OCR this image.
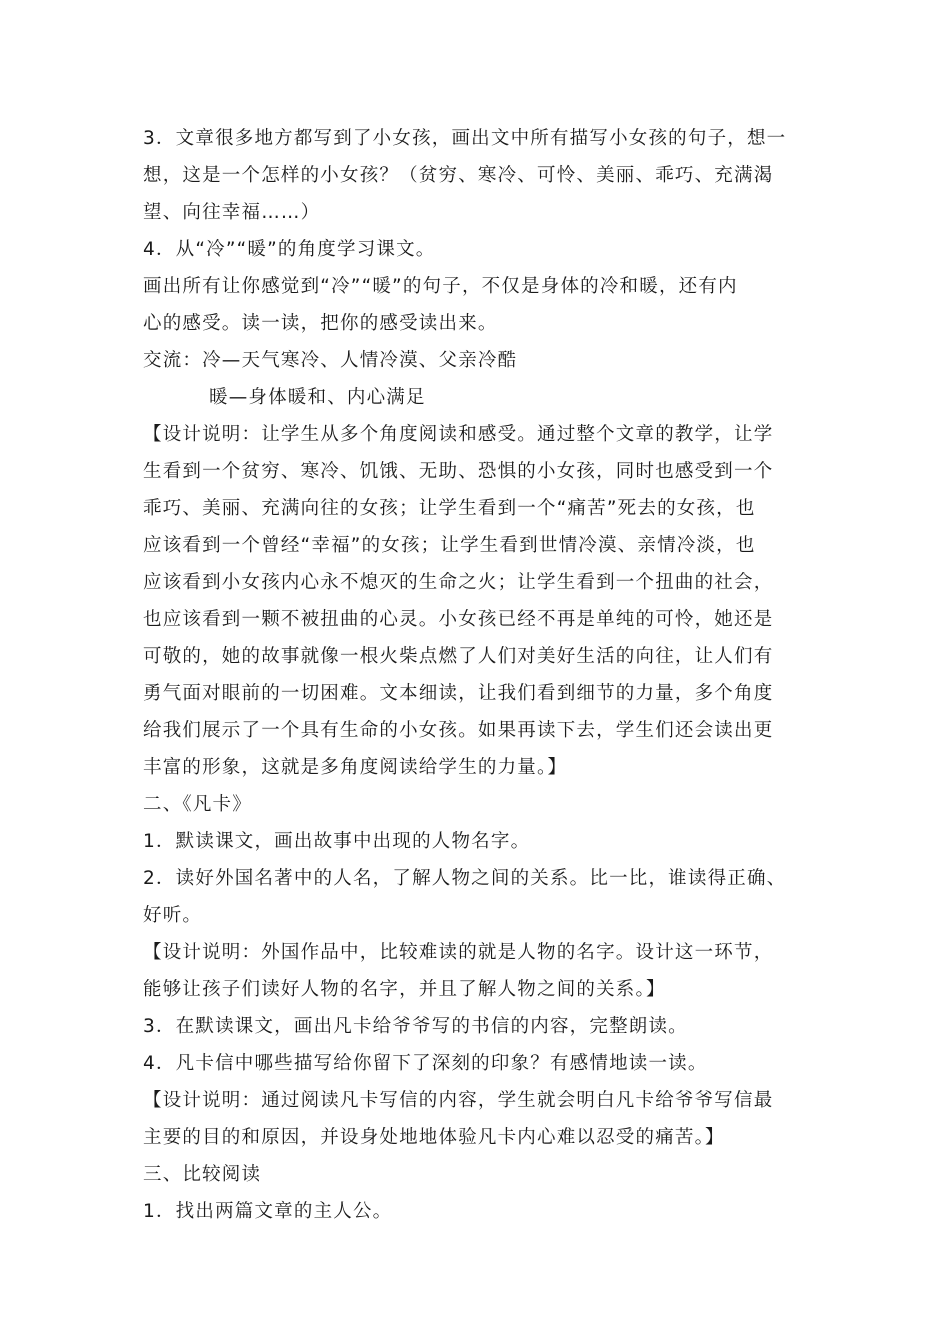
3．文章很多地方都写到了小女孩，画出文中所有描写小女孩的句子，想一
想，这是一个怎样的小女孩？（贫穷、寒冷、可怜、美丽、乖巧、充满渴
望、向往幸福……）
4．从“冷”“暖”的角度学习课文。
画出所有让你感觉到“冷”“暖”的句子，不仅是身体的冷和暖，还有内
心的感受。读一读，把你的感受读出来。
交流：冷—天气寒冷、人情冷漠、父亲冷酷
暖—身体暖和、内心满足
【设计说明：让学生从多个角度阅读和感受。通过整个文章的教学，让学
生看到一个贫穷、寒冷、饥饿、无助、恐惧的小女孩，同时也感受到一个
乖巧、美丽、充满向往的女孩；让学生看到一个“痛苦”死去的女孩，也
应该看到一个曾经“幸福”的女孩；让学生看到世情冷漠、亲情冷淡，也
应该看到小女孩内心永不熄灭的生命之火；让学生看到一个扭曲的社会，
也应该看到一颗不被扭曲的心灵。小女孩已经不再是单纯的可怜，她还是
可敬的，她的故事就像一根火柴点燃了人们对美好生活的向往，让人们有
勇气面对眼前的一切困难。文本细读，让我们看到细节的力量，多个角度
给我们展示了一个具有生命的小女孩。如果再读下去，学生们还会读出更
丰富的形象，这就是多角度阅读给学生的力量。】
二、《凡卡》
1．默读课文，画出故事中出现的人物名字。
2．读好外国名著中的人名，了解人物之间的关系。比一比，谁读得正确、
好听。
【设计说明：外国作品中，比较难读的就是人物的名字。设计这一环节，
能够让孩子们读好人物的名字，并且了解人物之间的关系。】
3．在默读课文，画出凡卡给爷爷写的书信的内容，完整朗读。
4．凡卡信中哪些描写给你留下了深刻的印象？有感情地读一读。
【设计说明：通过阅读凡卡写信的内容，学生就会明白凡卡给爷爷写信最
主要的目的和原因，并设身处地地体验凡卡内心难以忍受的痛苦。】
三、比较阅读
1．找出两篇文章的主人公。
